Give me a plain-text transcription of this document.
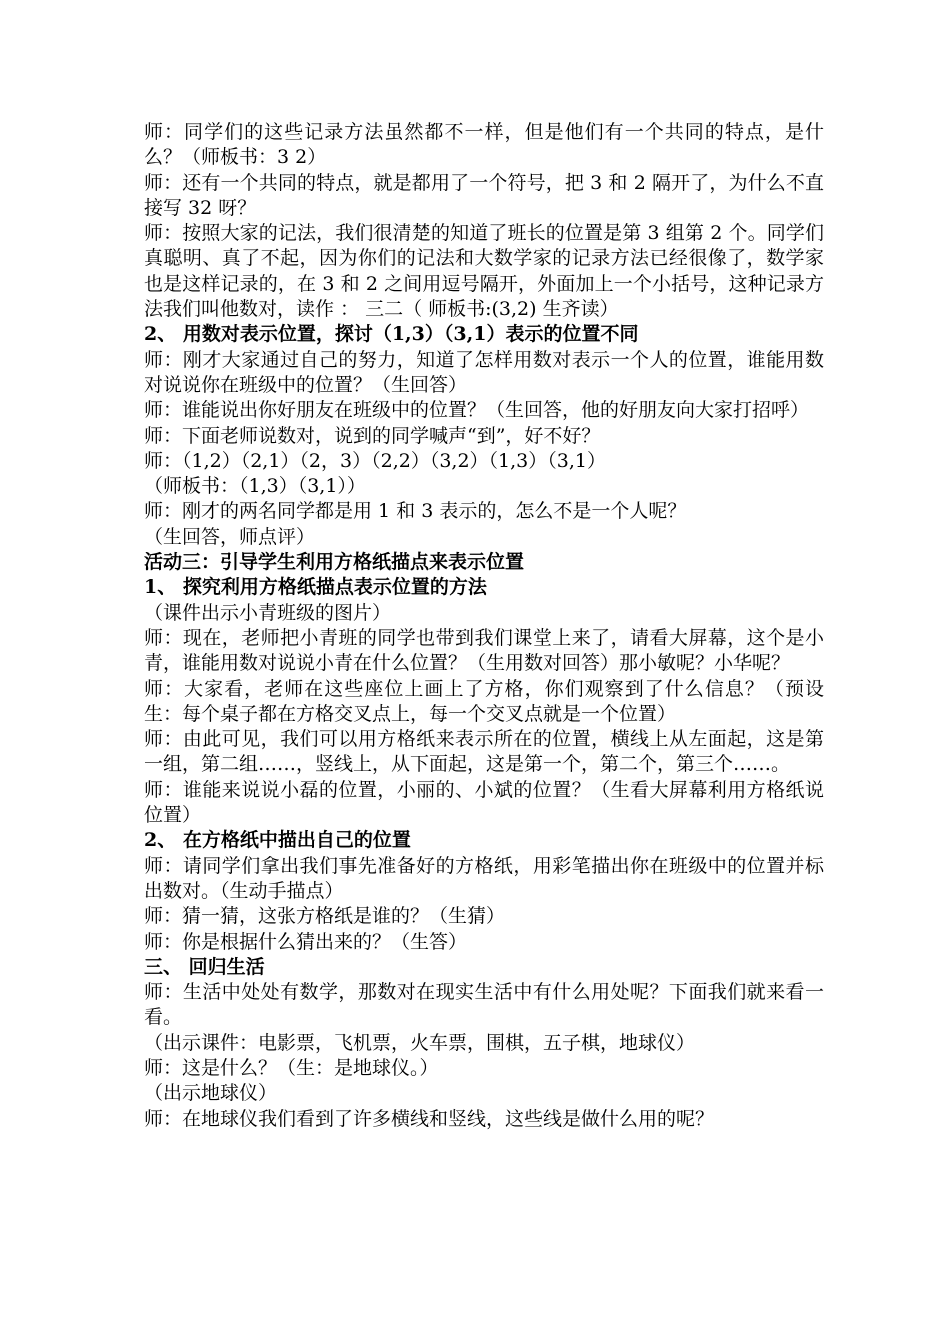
师：同学们的这些记录方法虽然都不一样，但是他们有一个共同的特点，是什么？（师板书：3 2）

师：还有一个共同的特点，就是都用了一个符号，把 3 和 2 隔开了，为什么不直接写 32 呀？

师：按照大家的记法，我们很清楚的知道了班长的位置是第 3 组第 2 个。同学们真聪明、真了不起，因为你们的记法和大数学家的记录方法已经很像了，数学家也是这样记录的，在 3 和 2 之间用逗号隔开，外面加上一个小括号，这种记录方法我们叫他数对，读作 ： 三二（ 师板书:(3,2) 生齐读）

2、 用数对表示位置，探讨（1,3）（3,1）表示的位置不同

师：刚才大家通过自己的努力，知道了怎样用数对表示一个人的位置，谁能用数对说说你在班级中的位置？（生回答）

师：谁能说出你好朋友在班级中的位置？（生回答，他的好朋友向大家打招呼）

师：下面老师说数对，说到的同学喊声“到”，好不好？

师：（1,2）（2,1）（2，3）（2,2）（3,2）（1,3）（3,1）

（师板书：（1,3）（3,1））

师：刚才的两名同学都是用 1 和 3 表示的，怎么不是一个人呢？

（生回答，师点评）

活动三：引导学生利用方格纸描点来表示位置

1、 探究利用方格纸描点表示位置的方法

（课件出示小青班级的图片）

师：现在，老师把小青班的同学也带到我们课堂上来了，请看大屏幕，这个是小青，谁能用数对说说小青在什么位置？（生用数对回答）那小敏呢？小华呢？

师：大家看，老师在这些座位上画上了方格，你们观察到了什么信息？（预设生：每个桌子都在方格交叉点上，每一个交叉点就是一个位置）

师：由此可见，我们可以用方格纸来表示所在的位置，横线上从左面起，这是第一组，第二组……，竖线上，从下面起，这是第一个，第二个，第三个……。

师：谁能来说说小磊的位置，小丽的、小斌的位置？（生看大屏幕利用方格纸说位置）

2、 在方格纸中描出自己的位置

师：请同学们拿出我们事先准备好的方格纸，用彩笔描出你在班级中的位置并标出数对。（生动手描点）

师：猜一猜，这张方格纸是谁的？（生猜）

师：你是根据什么猜出来的？（生答）

三、 回归生活

师：生活中处处有数学，那数对在现实生活中有什么用处呢？下面我们就来看一看。

（出示课件：电影票，飞机票，火车票，围棋，五子棋，地球仪）

师：这是什么？（生：是地球仪。）

（出示地球仪）

师：在地球仪我们看到了许多横线和竖线，这些线是做什么用的呢？
